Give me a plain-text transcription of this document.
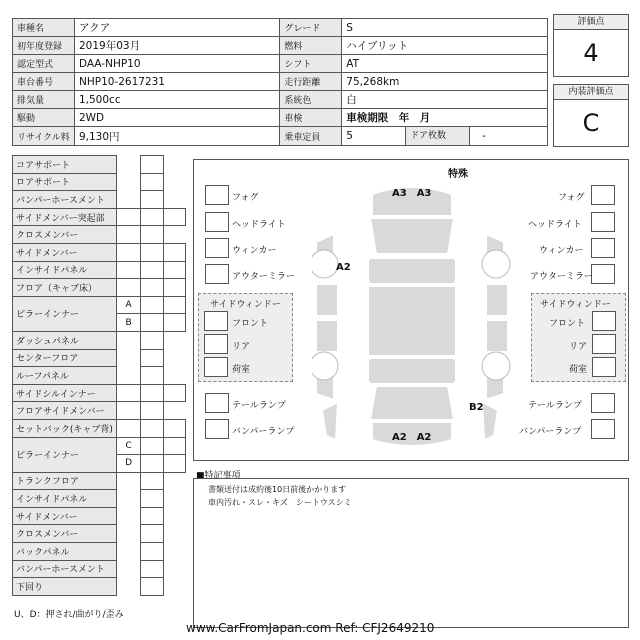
車種名	アクア	グレード	S
初年度登録	2019年03月	燃料	ハイブリット
認定型式	DAA-NHP10	シフト	AT
車台番号	NHP10-2617231	走行距離	75,268km
排気量	1,500cc	系統色	白
駆動	2WD	車検	車検期限　年　月
リサイクル料	9,130円	乗車定員	5 ドア枚数 -
評価点
4
内装評価点
C
コアサポート			
ロアサポート			
バンパーホースメント			
サイドメンバー突起部			
クロスメンバー			
サイドメンバー			
インサイドパネル			
フロア（キャブ床）			
ピラーインナー	A		
	B		
ダッシュパネル			
センターフロア			
ルーフパネル			
サイドシルインナー			
フロアサイドメンバー			
セットバック(キャブ背)			
ピラーインナー	C		
	D		
トランクフロア			
インサイドパネル			
サイドメンバー			
クロスメンバー			
バックパネル			
バンパーホースメント			
下回り			
特殊
A3　A3
A2
A2　A2
B2
フォグ
ヘッドライト
ウィンカー
アウターミラー
フォグ
ヘッドライト
ウィンカー
アウターミラー
サイドウィンドー
フロント
リア
荷室
サイドウィンドー
フロント
リア
荷室
テールランプ
バンパーランプ
テールランプ
バンパーランプ
■特記事項
書類送付は成約後10日前後かかります
車内汚れ・スレ・キズ　シートウスシミ
U、D：押され/曲がり/歪み
www.CarFromJapan.com Ref: CFJ2649210
